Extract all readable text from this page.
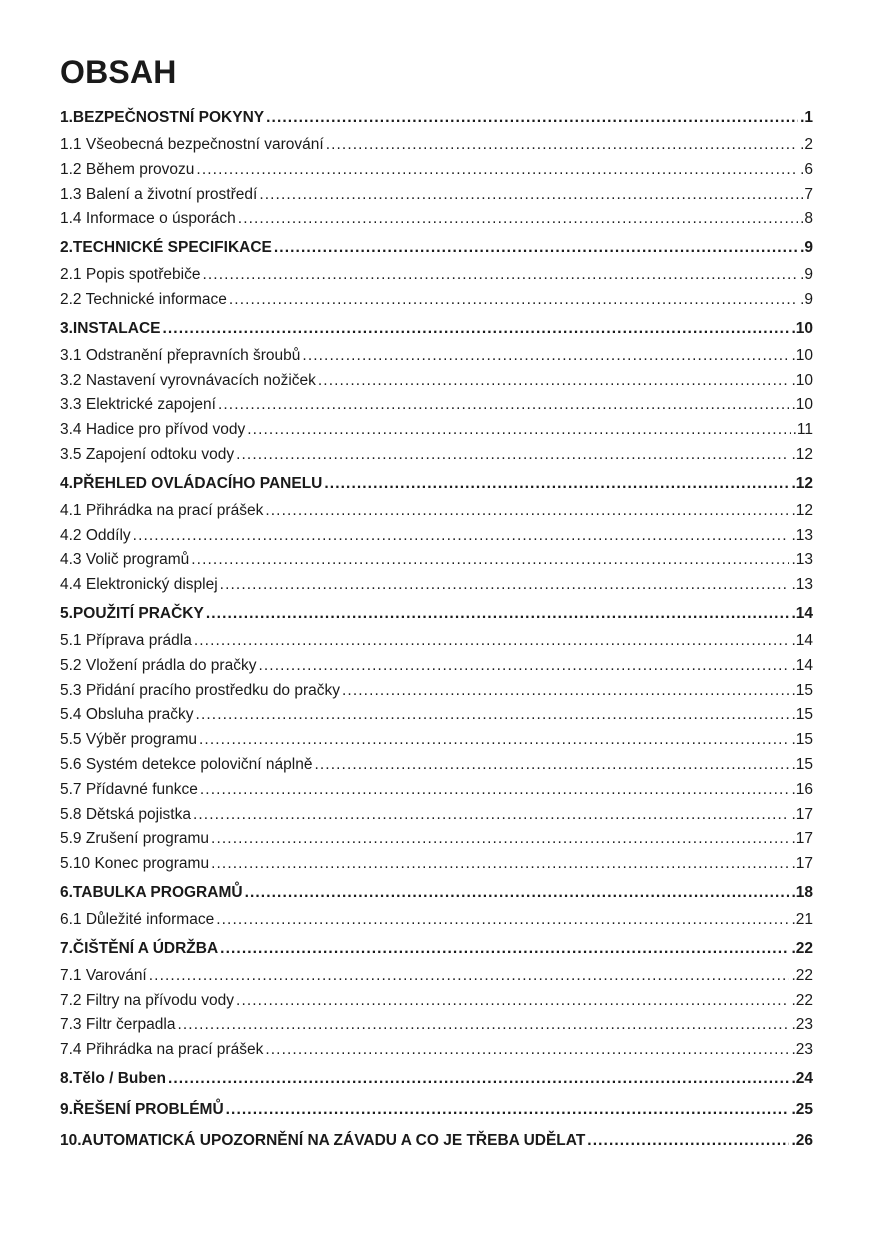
OBSAH
1.BEZPEČNOSTNÍ POKYNY . . .	.1
1.1 Všeobecná bezpečnostní varování . . .	.2
1.2 Během provozu . . .	.6
1.3 Balení a životní prostředí . . .	.7
1.4 Informace o úsporách . . .	.8
2.TECHNICKÉ SPECIFIKACE . . .	.9
2.1 Popis spotřebiče . . .	.9
2.2 Technické informace . . .	.9
3.INSTALACE . . .	.10
3.1 Odstranění přepravních šroubů . . .	.10
3.2 Nastavení vyrovnávacích nožiček . . .	.10
3.3 Elektrické zapojení . . .	.10
3.4 Hadice pro přívod vody . . .	.11
3.5 Zapojení odtoku vody . . .	.12
4.PŘEHLED OVLÁDACÍHO PANELU . . .	.12
4.1 Přihrádka na prací prášek . . .	.12
4.2 Oddíly . . .	.13
4.3 Volič programů . . .	.13
4.4 Elektronický displej . . .	.13
5.POUŽITÍ PRAČKY . . .	.14
5.1 Příprava prádla . . .	.14
5.2 Vložení prádla do pračky . . .	.14
5.3 Přidání pracího prostředku do pračky . . .	.15
5.4 Obsluha pračky . . .	.15
5.5 Výběr programu . . .	.15
5.6 Systém detekce poloviční náplně . . .	.15
5.7 Přídavné funkce . . .	.16
5.8 Dětská pojistka . . .	.17
5.9 Zrušení programu . . .	.17
5.10 Konec programu . . .	.17
6.TABULKA PROGRAMŮ . . .	.18
6.1 Důležité informace . . .	.21
7.ČIŠTĚNÍ A ÚDRŽBA . . .	.22
7.1 Varování . . .	.22
7.2 Filtry na přívodu vody . . .	.22
7.3 Filtr čerpadla . . .	.23
7.4 Přihrádka na prací prášek . . .	.23
8.Tělo / Buben . . .	.24
9.ŘEŠENÍ PROBLÉMŮ . . .	.25
10.AUTOMATICKÁ UPOZORNĚNÍ NA ZÁVADU A CO JE TŘEBA UDĚLAT . . .	.26
